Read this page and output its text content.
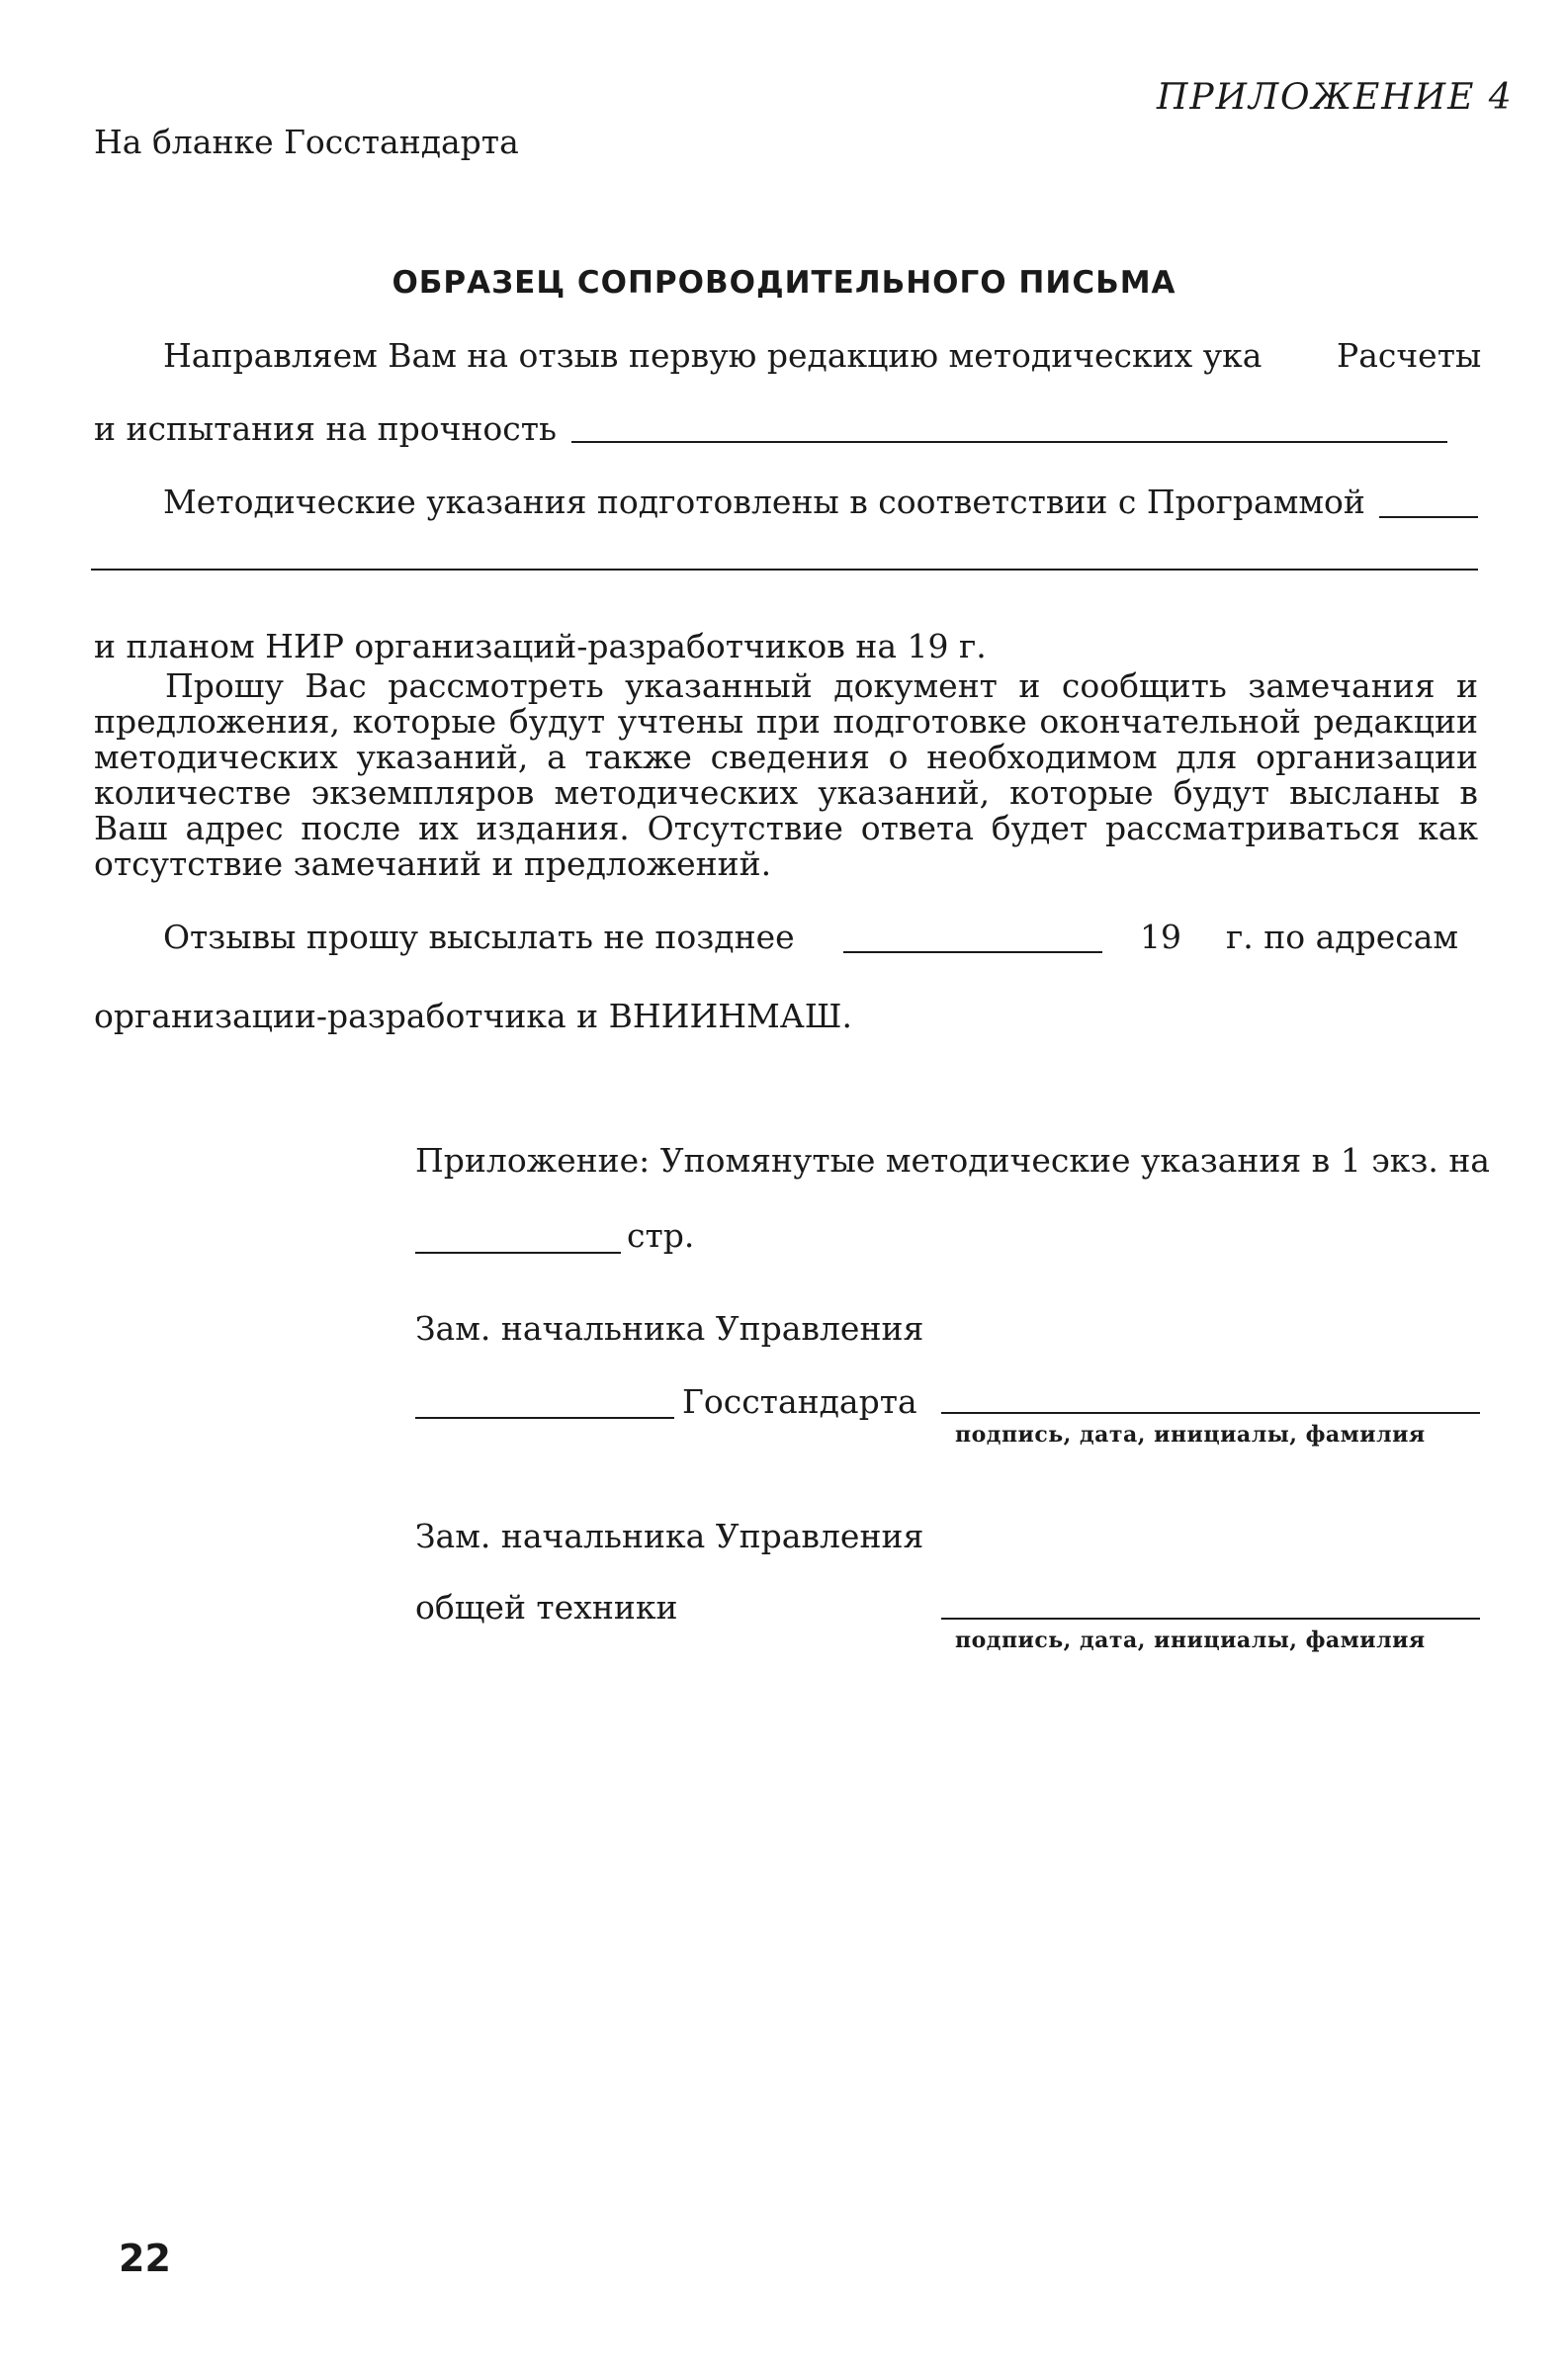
ПРИЛОЖЕНИЕ 4
На бланке Госстандарта
ОБРАЗЕЦ СОПРОВОДИТЕЛЬНОГО ПИСЬМА
Направляем Вам на отзыв первую редакцию методических ука Расчеты
и испытания на прочность
Методические указания подготовлены в соответствии с Программой
и планом НИР организаций-разработчиков на 19 г.

Прошу Вас рассмотреть указанный документ и сообщить замечания и предложения, которые будут учтены при подготовке окончательной редакции методических указаний, а также сведения о необходимом для организации количестве экземпляров методических указаний, которые будут высланы в Ваш адрес после их издания. Отсутствие ответа будет рассматриваться как отсутствие замечаний и предложений.

Отзывы прошу высылать не позднее	19 г. по адресам
организации-разработчика и ВНИИНМАШ.
Приложение: Упомянутые методические указания в 1 экз. на
стр.
Зам. начальника Управления
Госстандарта
подпись, дата, инициалы, фамилия
Зам. начальника Управления
общей техники
подпись, дата, инициалы, фамилия
22
